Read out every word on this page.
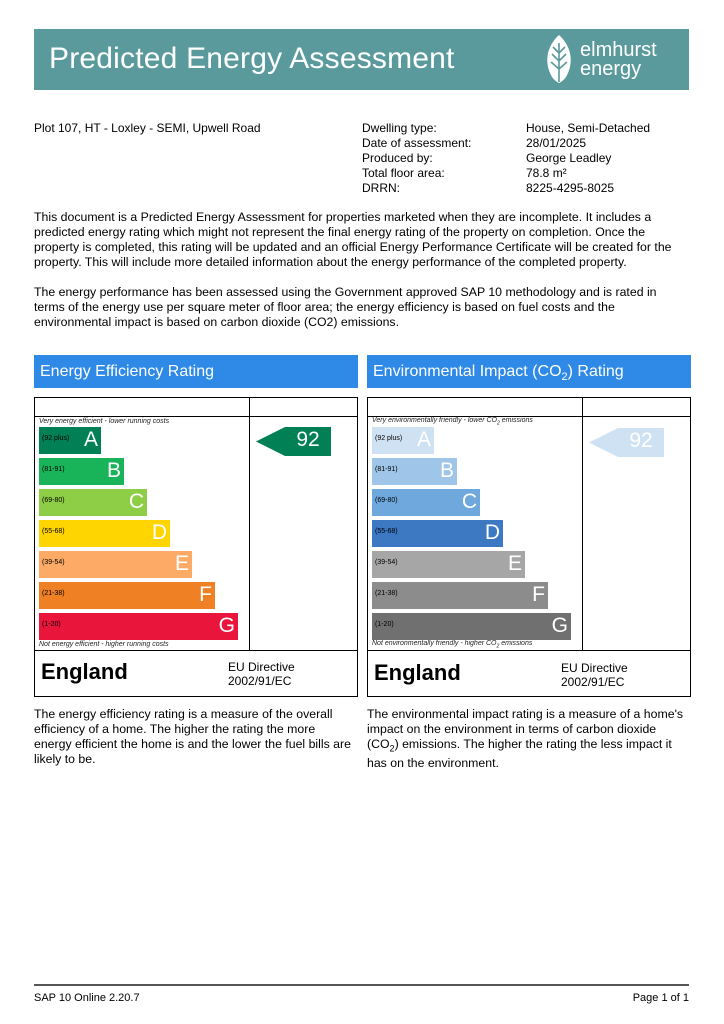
Predicted Energy Assessment	elmhurst
energy
Plot 107, HT - Loxley - SEMI, Upwell Road	Dwelling type:	House, Semi-Detached
Date of assessment:	28/01/2025
Produced by:	George Leadley
Total floor area:	78.8 m²
DRRN:	8225-4295-8025
This document is a Predicted Energy Assessment for properties marketed when they are incomplete. It includes a predicted energy rating which might not represent the final energy rating of the property on completion. Once the property is completed, this rating will be updated and an official Energy Performance Certificate will be created for the property. This will include more detailed information about the energy performance of the completed property.
The energy performance has been assessed using the Government approved SAP 10 methodology and is rated in terms of the energy use per square meter of floor area; the energy efficiency is based on fuel costs and the environmental impact is based on carbon dioxide (CO2) emissions.
Energy Efficiency Rating
Very energy efficient - lower running costs
Not energy efficient - higher running costs
(92 plus) A
(81-91) B
(69-80)	C
(55-68)	D
(39-54)	E
(21-38)	F
(1-20)	G
92
England	EU Directive
2002/91/EC
The energy efficiency rating is a measure of the overall efficiency of a home. The higher the rating the more energy efficient the home is and the lower the fuel bills are likely to be.
Environmental Impact $(CO_2)$ Rating
Very environmentally friendly - lower $CO_2$ emissions
Not environmentally friendly - higher $CO_2$ emissions
(92 plus) A
(81-91) B
(69-80)	C
(55-68)	D
(39-54)	E
(21-38)	F
(1-20)	G
92
England	EU Directive
2002/91/EC
The environmental impact rating is a measure of a home's impact on the environment in terms of carbon dioxide $(CO_2)$ emissions. The higher the rating the less impact it has on the environment.
SAP 10 Online 2.20.7	Page 1 of 1
